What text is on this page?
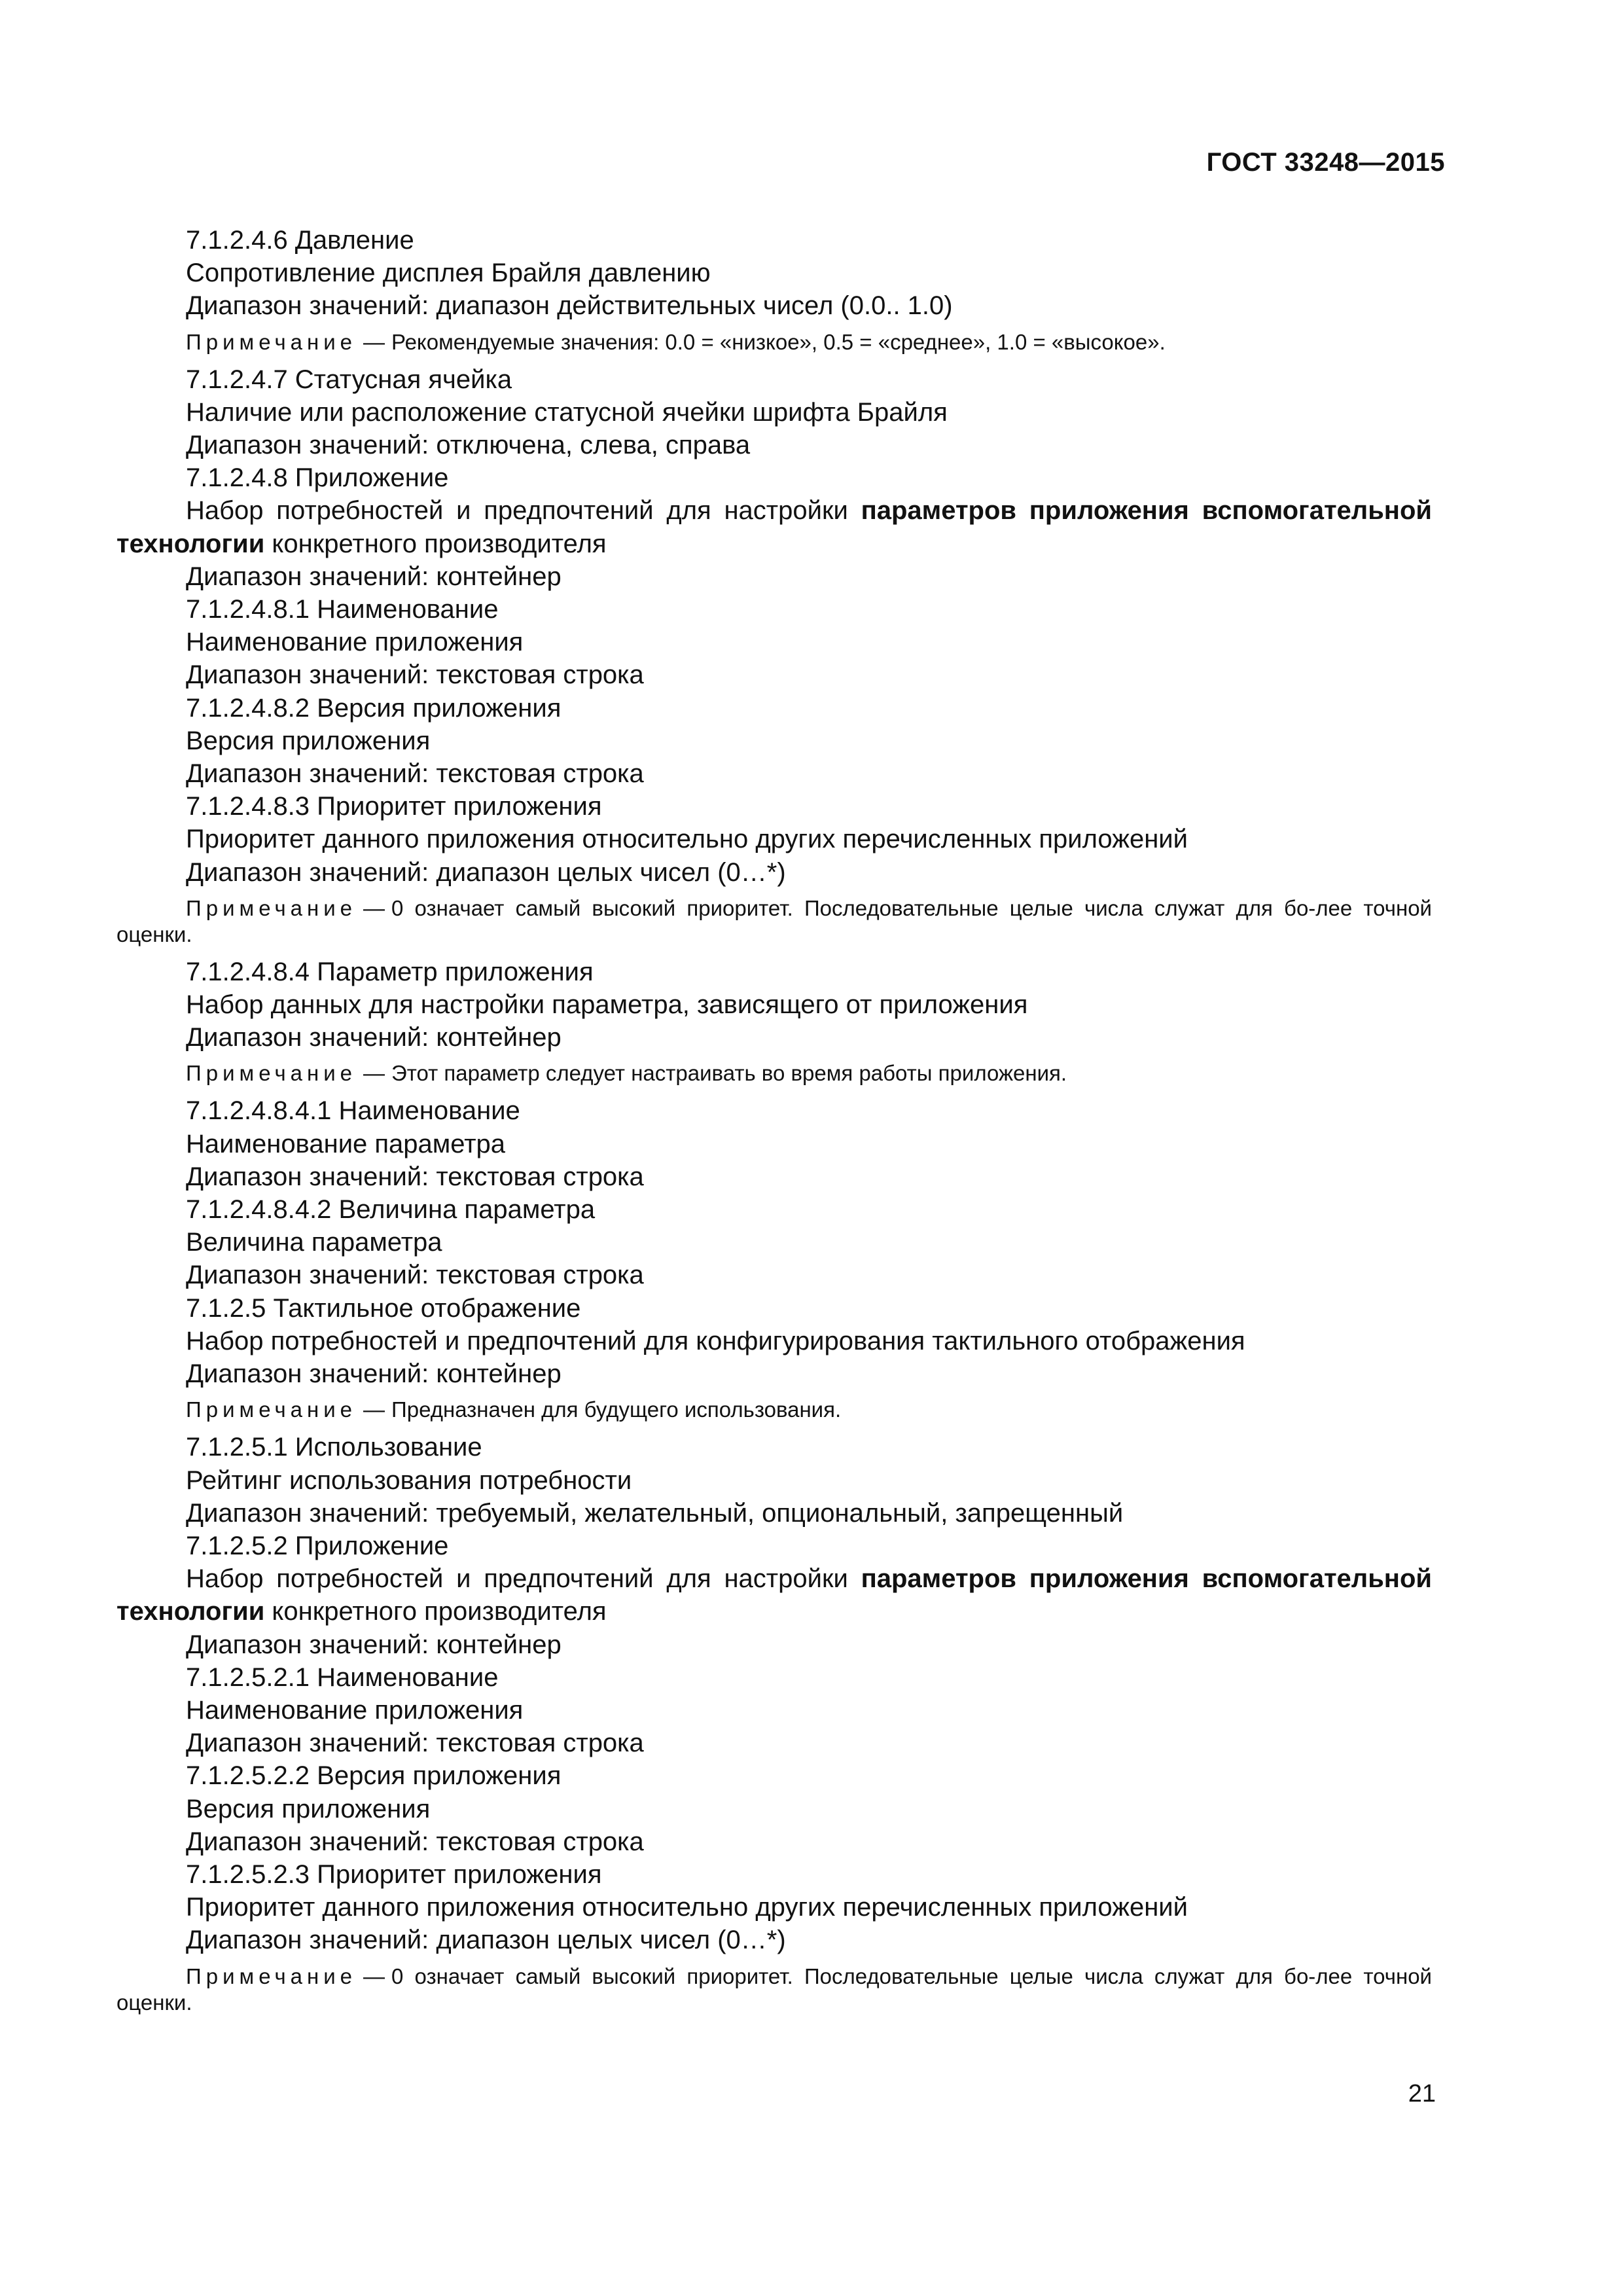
ГОСТ 33248—2015

7.1.2.4.6 Давление

Сопротивление дисплея Брайля давлению

Диапазон значений: диапазон действительных чисел (0.0.. 1.0)

Примечание — Рекомендуемые значения: 0.0 = «низкое», 0.5 = «среднее», 1.0 = «высокое».

7.1.2.4.7 Статусная ячейка

Наличие или расположение статусной ячейки шрифта Брайля

Диапазон значений: отключена, слева, справа

7.1.2.4.8 Приложение

Набор потребностей и предпочтений для настройки параметров приложения вспомогательной технологии конкретного производителя

Диапазон значений: контейнер

7.1.2.4.8.1 Наименование

Наименование приложения

Диапазон значений: текстовая строка

7.1.2.4.8.2 Версия приложения

Версия приложения

Диапазон значений: текстовая строка

7.1.2.4.8.3 Приоритет приложения

Приоритет данного приложения относительно других перечисленных приложений

Диапазон значений: диапазон целых чисел (0…*)

Примечание — 0 означает самый высокий приоритет. Последовательные целые числа служат для бо-лее точной оценки.

7.1.2.4.8.4 Параметр приложения

Набор данных для настройки параметра, зависящего от приложения

Диапазон значений: контейнер

Примечание — Этот параметр следует настраивать во время работы приложения.

7.1.2.4.8.4.1 Наименование

Наименование параметра

Диапазон значений: текстовая строка

7.1.2.4.8.4.2 Величина параметра

Величина параметра

Диапазон значений: текстовая строка

7.1.2.5 Тактильное отображение

Набор потребностей и предпочтений для конфигурирования тактильного отображения

Диапазон значений: контейнер

Примечание — Предназначен для будущего использования.

7.1.2.5.1 Использование

Рейтинг использования потребности

Диапазон значений: требуемый, желательный, опциональный, запрещенный

7.1.2.5.2 Приложение

Набор потребностей и предпочтений для настройки параметров приложения вспомогательной технологии конкретного производителя

Диапазон значений: контейнер

7.1.2.5.2.1 Наименование

Наименование приложения

Диапазон значений: текстовая строка

7.1.2.5.2.2 Версия приложения

Версия приложения

Диапазон значений: текстовая строка

7.1.2.5.2.3 Приоритет приложения

Приоритет данного приложения относительно других перечисленных приложений

Диапазон значений: диапазон целых чисел (0…*)

Примечание — 0 означает самый высокий приоритет. Последовательные целые числа служат для бо-лее точной оценки.

21
